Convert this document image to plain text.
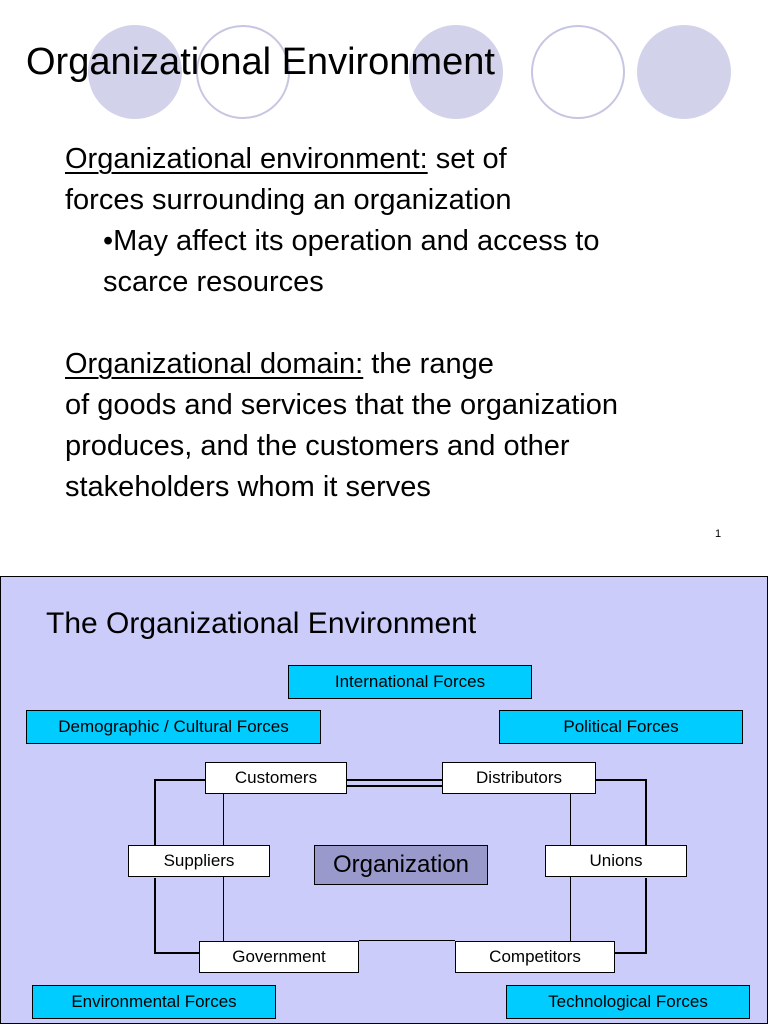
Organizational Environment
Organizational environment: set of
forces surrounding an organization
•May affect its operation and access to
scarce resources
Organizational domain: the range
of goods and services that the organization
produces, and the customers and other
stakeholders whom it serves
1
The Organizational Environment
International Forces
Demographic / Cultural Forces	Political Forces
Environmental Forces	Technological Forces
Customers	Distributors
Suppliers	Unions
Government	Competitors
Organization
